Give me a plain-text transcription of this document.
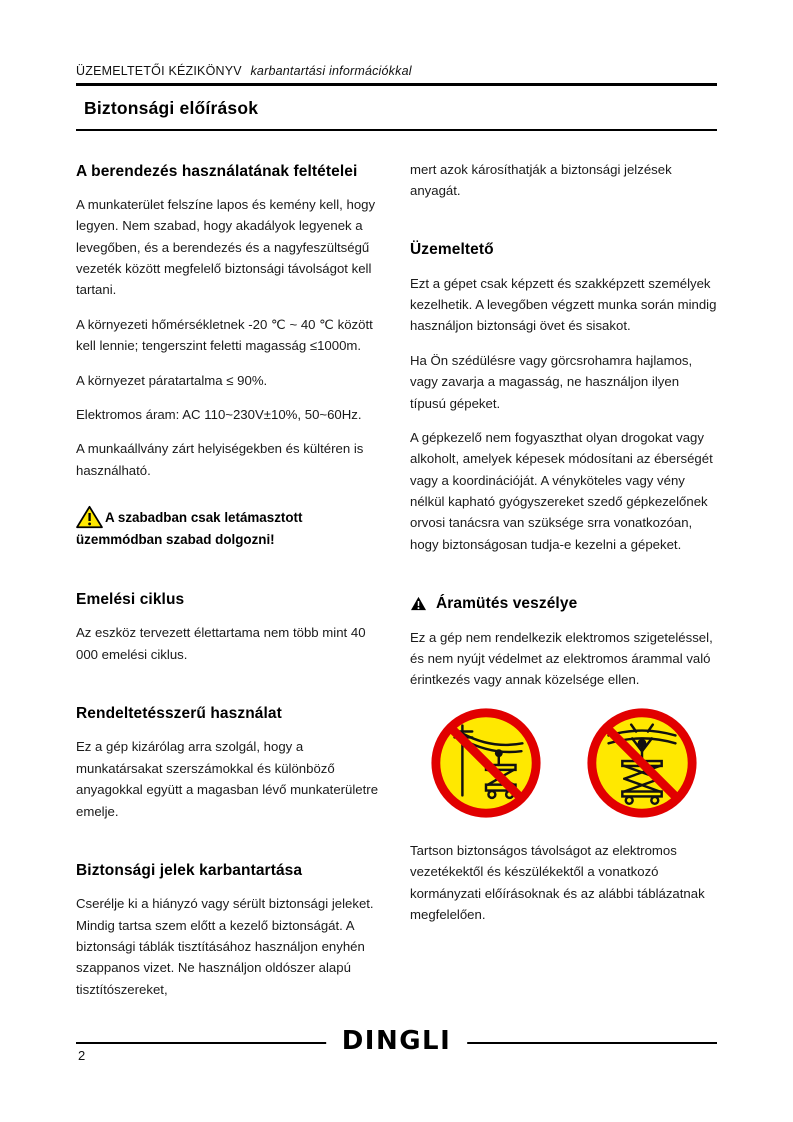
ÜZEMELTETŐI KÉZIKÖNYV karbantartási információkkal
Biztonsági előírások
A berendezés használatának feltételei

A munkaterület felszíne lapos és kemény kell, hogy legyen. Nem szabad, hogy akadályok legyenek a levegőben, és a berendezés és a nagyfeszültségű vezeték között megfelelő biztonsági távolságot kell tartani.

A környezeti hőmérsékletnek -20 ℃ ~ 40 ℃ között kell lennie; tengerszint feletti magasság ≤1000m.

A környezet páratartalma ≤ 90%.

Elektromos áram: AC 110~230V±10%, 50~60Hz.

A munkaállvány zárt helyiségekben és kültéren is használható.

A szabadban csak letámasztott üzemmódban szabad dolgozni!

Emelési ciklus

Az eszköz tervezett élettartama nem több mint 40 000 emelési ciklus.

Rendeltetésszerű használat

Ez a gép kizárólag arra szolgál, hogy a munkatársakat szerszámokkal és különböző anyagokkal együtt a magasban lévő munkaterületre emelje.

Biztonsági jelek karbantartása

Cserélje ki a hiányzó vagy sérült biztonsági jeleket. Mindig tartsa szem előtt a kezelő biztonságát. A biztonsági táblák tisztításához használjon enyhén szappanos vizet. Ne használjon oldószer alapú tisztítószereket,

mert azok károsíthatják a biztonsági jelzések anyagát.

Üzemeltető

Ezt a gépet csak képzett és szakképzett személyek kezelhetik. A levegőben végzett munka során mindig használjon biztonsági övet és sisakot.

Ha Ön szédülésre vagy görcsrohamra hajlamos, vagy zavarja a magasság, ne használjon ilyen típusú gépeket.

A gépkezelő nem fogyaszthat olyan drogokat vagy alkoholt, amelyek képesek módosítani az éberségét vagy a koordinációját. A vényköteles vagy vény nélkül kapható gyógyszereket szedő gépkezelőnek orvosi tanácsra van szüksége srra vonatkozóan, hogy biztonságosan tudja-e kezelni a gépeket.

Áramütés veszélye

Ez a gép nem rendelkezik elektromos szigeteléssel, és nem nyújt védelmet az elektromos árammal való érintkezés vagy annak közelsége ellen.

Tartson biztonságos távolságot az elektromos vezetékektől és készülékektől a vonatkozó kormányzati előírásoknak és az alábbi táblázatnak megfelelően.

DINGLI
2
